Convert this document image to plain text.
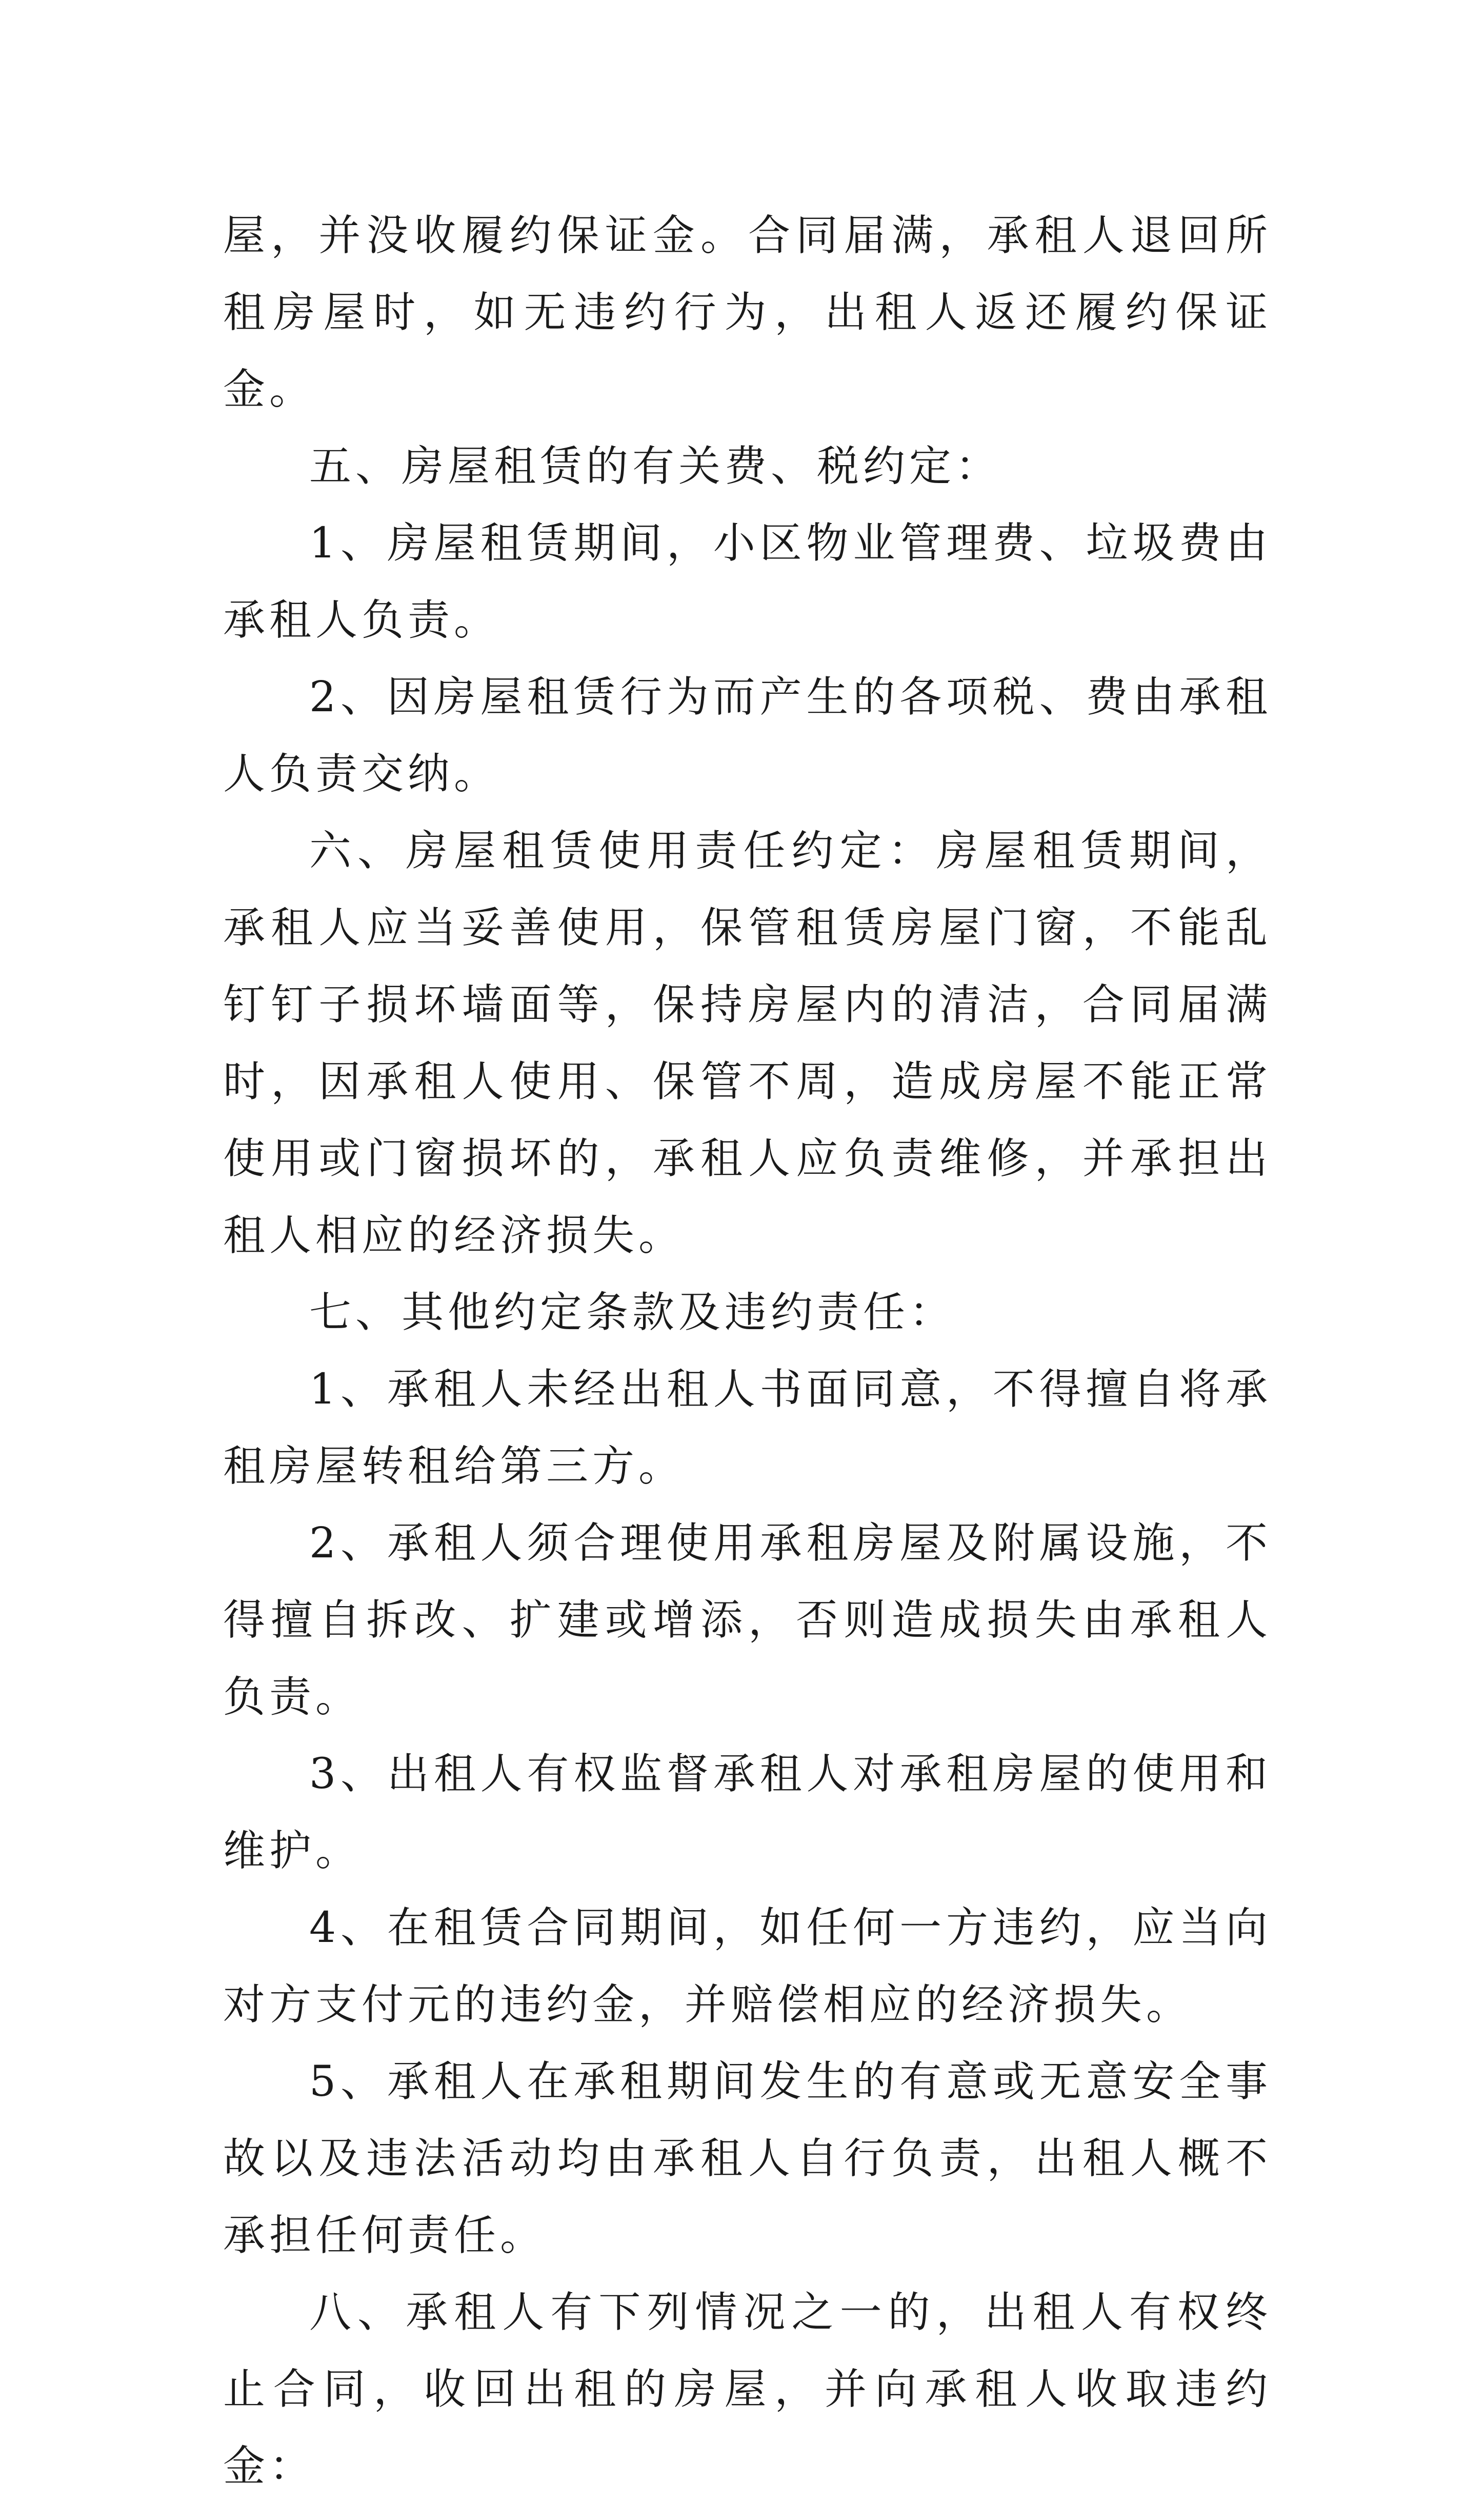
屋，并没收履约保证金。合同届满，承租人退回所租房屋时，如无违约行为，出租人返还履约保证金。

五、房屋租赁的有关费、税约定：

1、房屋租赁期间，小区物业管理费、垃圾费由承租人负责。

2、因房屋租赁行为而产生的各项税、费由承租人负责交纳。

六、房屋租赁使用责任约定：房屋租赁期间，承租人应当妥善使用，保管租赁房屋门窗，不能乱钉钉子损坏墙面等，保持房屋内的清洁，合同届满时，因承租人使用、保管不周，造成房屋不能正常使用或门窗损坏的，承租人应负责维修，并承担出租人相应的经济损失。

七、其他约定条款及违约责任：

1、承租人未经出租人书面同意，不得擅自将承租房屋转租给第三方。

2、承租人须合理使用承租房屋及附属设施，不得擅自拆改、扩建或增添，否则造成损失由承租人负责。

3、出租人有权监督承租人对承租房屋的使用和维护。

4、在租赁合同期间，如任何一方违约，应当向对方支付元的违约金，并赔偿相应的经济损失。

5、承租人在承租期间发生的有意或无意安全事故以及违法活动均由承租人自行负责，出租人概不承担任何责任。

八、承租人有下列情况之一的，出租人有权终止合同，收回出租的房屋，并向承租人收取违约金：
